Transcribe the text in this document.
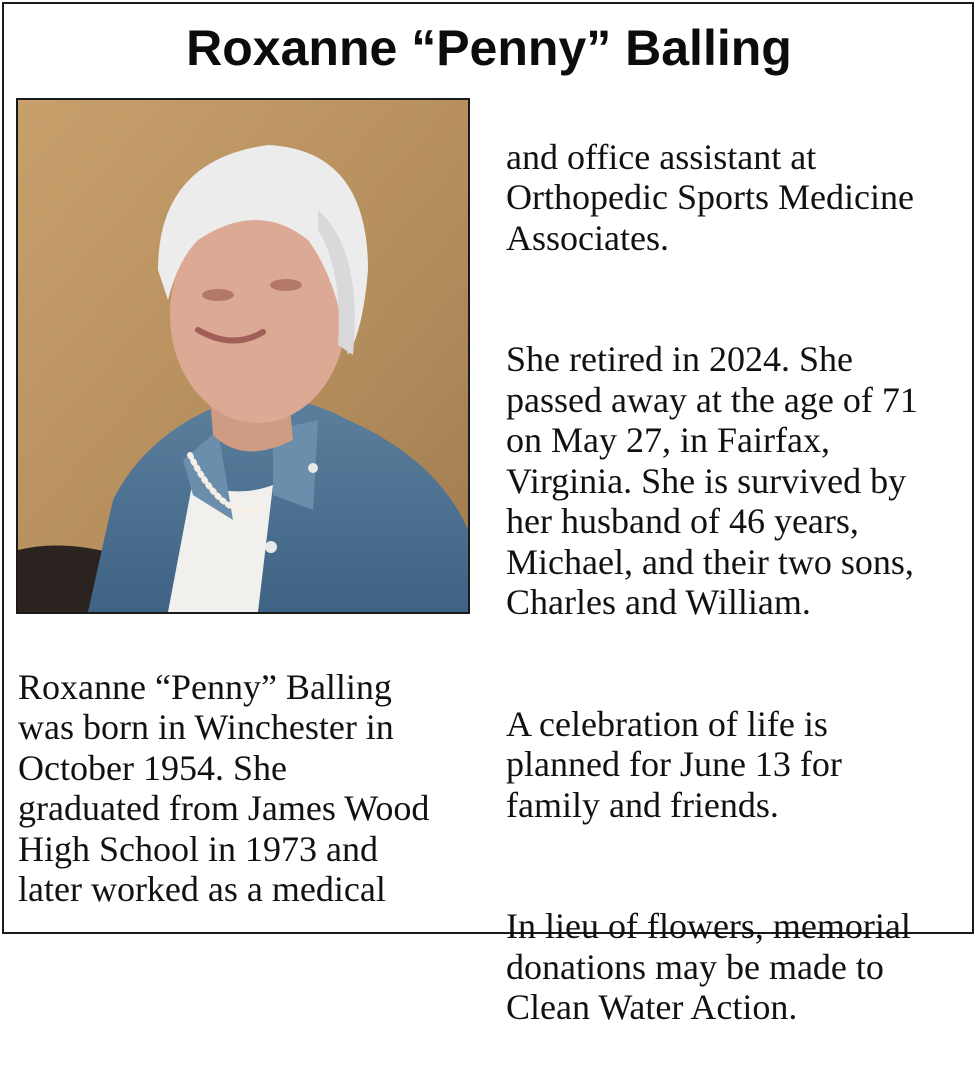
Roxanne “Penny” Balling

Roxanne “Penny” Balling
was born in Winchester in
October 1954. She
graduated from James Wood
High School in 1973 and
later worked as a medical

and office assistant at
Orthopedic Sports Medicine
Associates.

She retired in 2024. She
passed away at the age of 71
on May 27, in Fairfax,
Virginia. She is survived by
her husband of 46 years,
Michael, and their two sons,
Charles and William.

A celebration of life is
planned for June 13 for
family and friends.

In lieu of flowers, memorial
donations may be made to
Clean Water Action.
